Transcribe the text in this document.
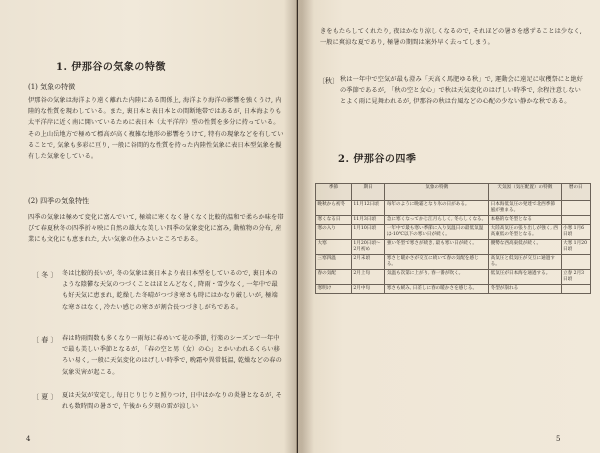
1. 伊那谷の気象の特徴

(1) 気象の特徴

伊那谷の気象は海洋より遠く離れた内陸にある関係上, 海洋より海洋の影響を強くうけ, 内陸的な性質を現わしている。また, 裏日本と表日本との間断地帯ではあるが, 日本海よりも太平洋岸に近く南に開いているために表日本（太平洋岸）型の性質を多分に持っている。その上山岳地方で極めて標高が高く複雑な地形の影響をうけて, 特有の現象などを有していることで, 気象も多彩に亘り, 一般に谷間的な性質を持った内陸性気象に表日本型気象を擬有した気象をしている。

(2) 四季の気象特性

四季の気象は極めて変化に富んでいて, 極端に寒くなく暑くなく比較的温和で柔らか味を帯びて春夏秋冬の四季折々映に自然の雄大な美しい四季の気象変化に富み, 動植物の分布, 産業にも文化にも恵まれた, 大い気象の住みよいところである。

〔 冬 〕 冬は比較的長いが, 冬の気象は裏日本より表日本型をしているので, 裏日本のような陰鬱な天気のつづくことはほとんどなく, 降雨・雪少なく, 一年中で最も好天気に恵まれ, 乾燥した冬晴がつづき寒さも時にはかなり厳しいが, 極端な寒さはなく, 冷たい感じの寒さが割合長つづきしがちである。

〔 春 〕 春は時雨間数も多くなり一雨毎に春めいて花の季節, 行楽のシーズンで一年中で最も美しい季節となるが, 「春の空と男（女）の心」とかいわれるくらい移ろい易く, 一般に天気変化のはげしい時季で, 晩霜や異常低温, 乾燥などの春の気象災害が起こる。

〔 夏 〕 夏は天気が安定し, 毎日じりじりと照りつけ, 日中はかなりの炎暑となるが, それも数時間の暑さで, 午後から夕刻の雷が涼しい

4

きをもたらしてくれたり, 夜はかなり涼しくなるので, それほどの暑さを感ずることは少なく, 一般に爽涼な夏であり, 極暑の期間は案外早く去ってしまう。

〔秋〕 秋は一年中で空気が最も澄み「天高く馬肥ゆる秋」で, 運動会に遠足に収穫祭にと絶好の季節であるが, 「秋の空と女心」で秋は天気変化のはげしい時季で, 余程注意しないとよく雨に見舞われるが, 伊那谷の秋は台風などの心配の少ない静かな秋である。

2. 伊那谷の四季
5
季節	期日	気象の特徴	天気図（気圧配置）の特徴	暦の日
晩秋から初冬	11月12日頃	毎年のように晩霜となり氷の日がある。	日本海低気圧の発達で北西季節風が強まる。	
寒くなる日	11月3日頃	急に寒くなってかじ江月らしく, 冬らしくなる。	本格的な冬型となる	
寒の入り	1月10日頃	一年中で最も寒い季節に入り気温日の最低気温は-10℃以下の寒い日が続く。	大陸高気圧の張り出しが強く, 西高東低の冬型となる。	小寒 1月6日頃
大寒	1月20日頃〜2月初め	強い冬型で寒さが続き, 最も寒い日が続く。	優勢な西高東低が続く。	大寒 1月20日頃
三寒四温	2月末頃	寒さと暖かさが交互に続いて春の気配を感じる。	高気圧と低気圧が交互に通過する。	
春の気配	2月上旬	気温も次第に上がり, 春一番が吹く。	低気圧が日本海を通過する。	立春 2月3日頃
寒明け	2月中旬	寒さも緩み, 日差しに春の暖かさを感じる。	冬型が崩れる	
